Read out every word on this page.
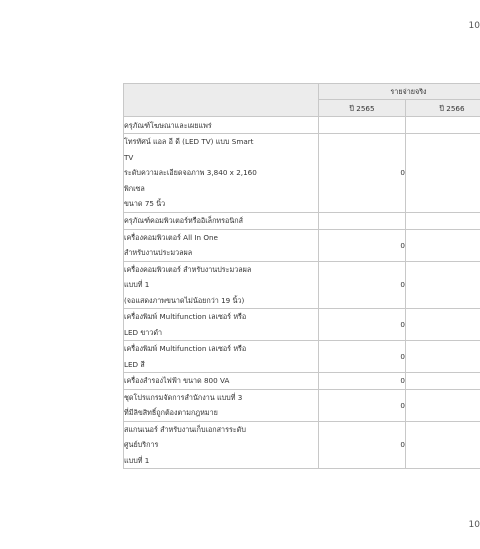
10
	รายจ่ายจริง	
	ปี 2565	ปี 2566
ครุภัณฑ์โฆษณาและเผยแพร่		

โทรทัศน์ แอล อี ดี (LED TV) แบบ Smart
TV
ระดับความละเอียดจอภาพ 3,840 x 2,160
พิกเซล
ขนาด 75 นิ้ว	0	
ครุภัณฑ์คอมพิวเตอร์หรืออิเล็กทรอนิกส์		

เครื่องคอมพิวเตอร์ All In One
สำหรับงานประมวลผล	0	

เครื่องคอมพิวเตอร์ สำหรับงานประมวลผล
แบบที่ 1
(จอแสดงภาพขนาดไม่น้อยกว่า 19 นิ้ว)	0	

เครื่องพิมพ์ Multifunction เลเซอร์ หรือ
LED ขาวดำ	0	

เครื่องพิมพ์ Multifunction เลเซอร์ หรือ
LED สี	0	

เครื่องสำรองไฟฟ้า ขนาด 800 VA	0	

ชุดโปรแกรมจัดการสำนักงาน แบบที่ 3
ที่มีลิขสิทธิ์ถูกต้องตามกฎหมาย	0	

สแกนเนอร์ สำหรับงานเก็บเอกสารระดับ
ศูนย์บริการ
แบบที่ 1	0	
10
